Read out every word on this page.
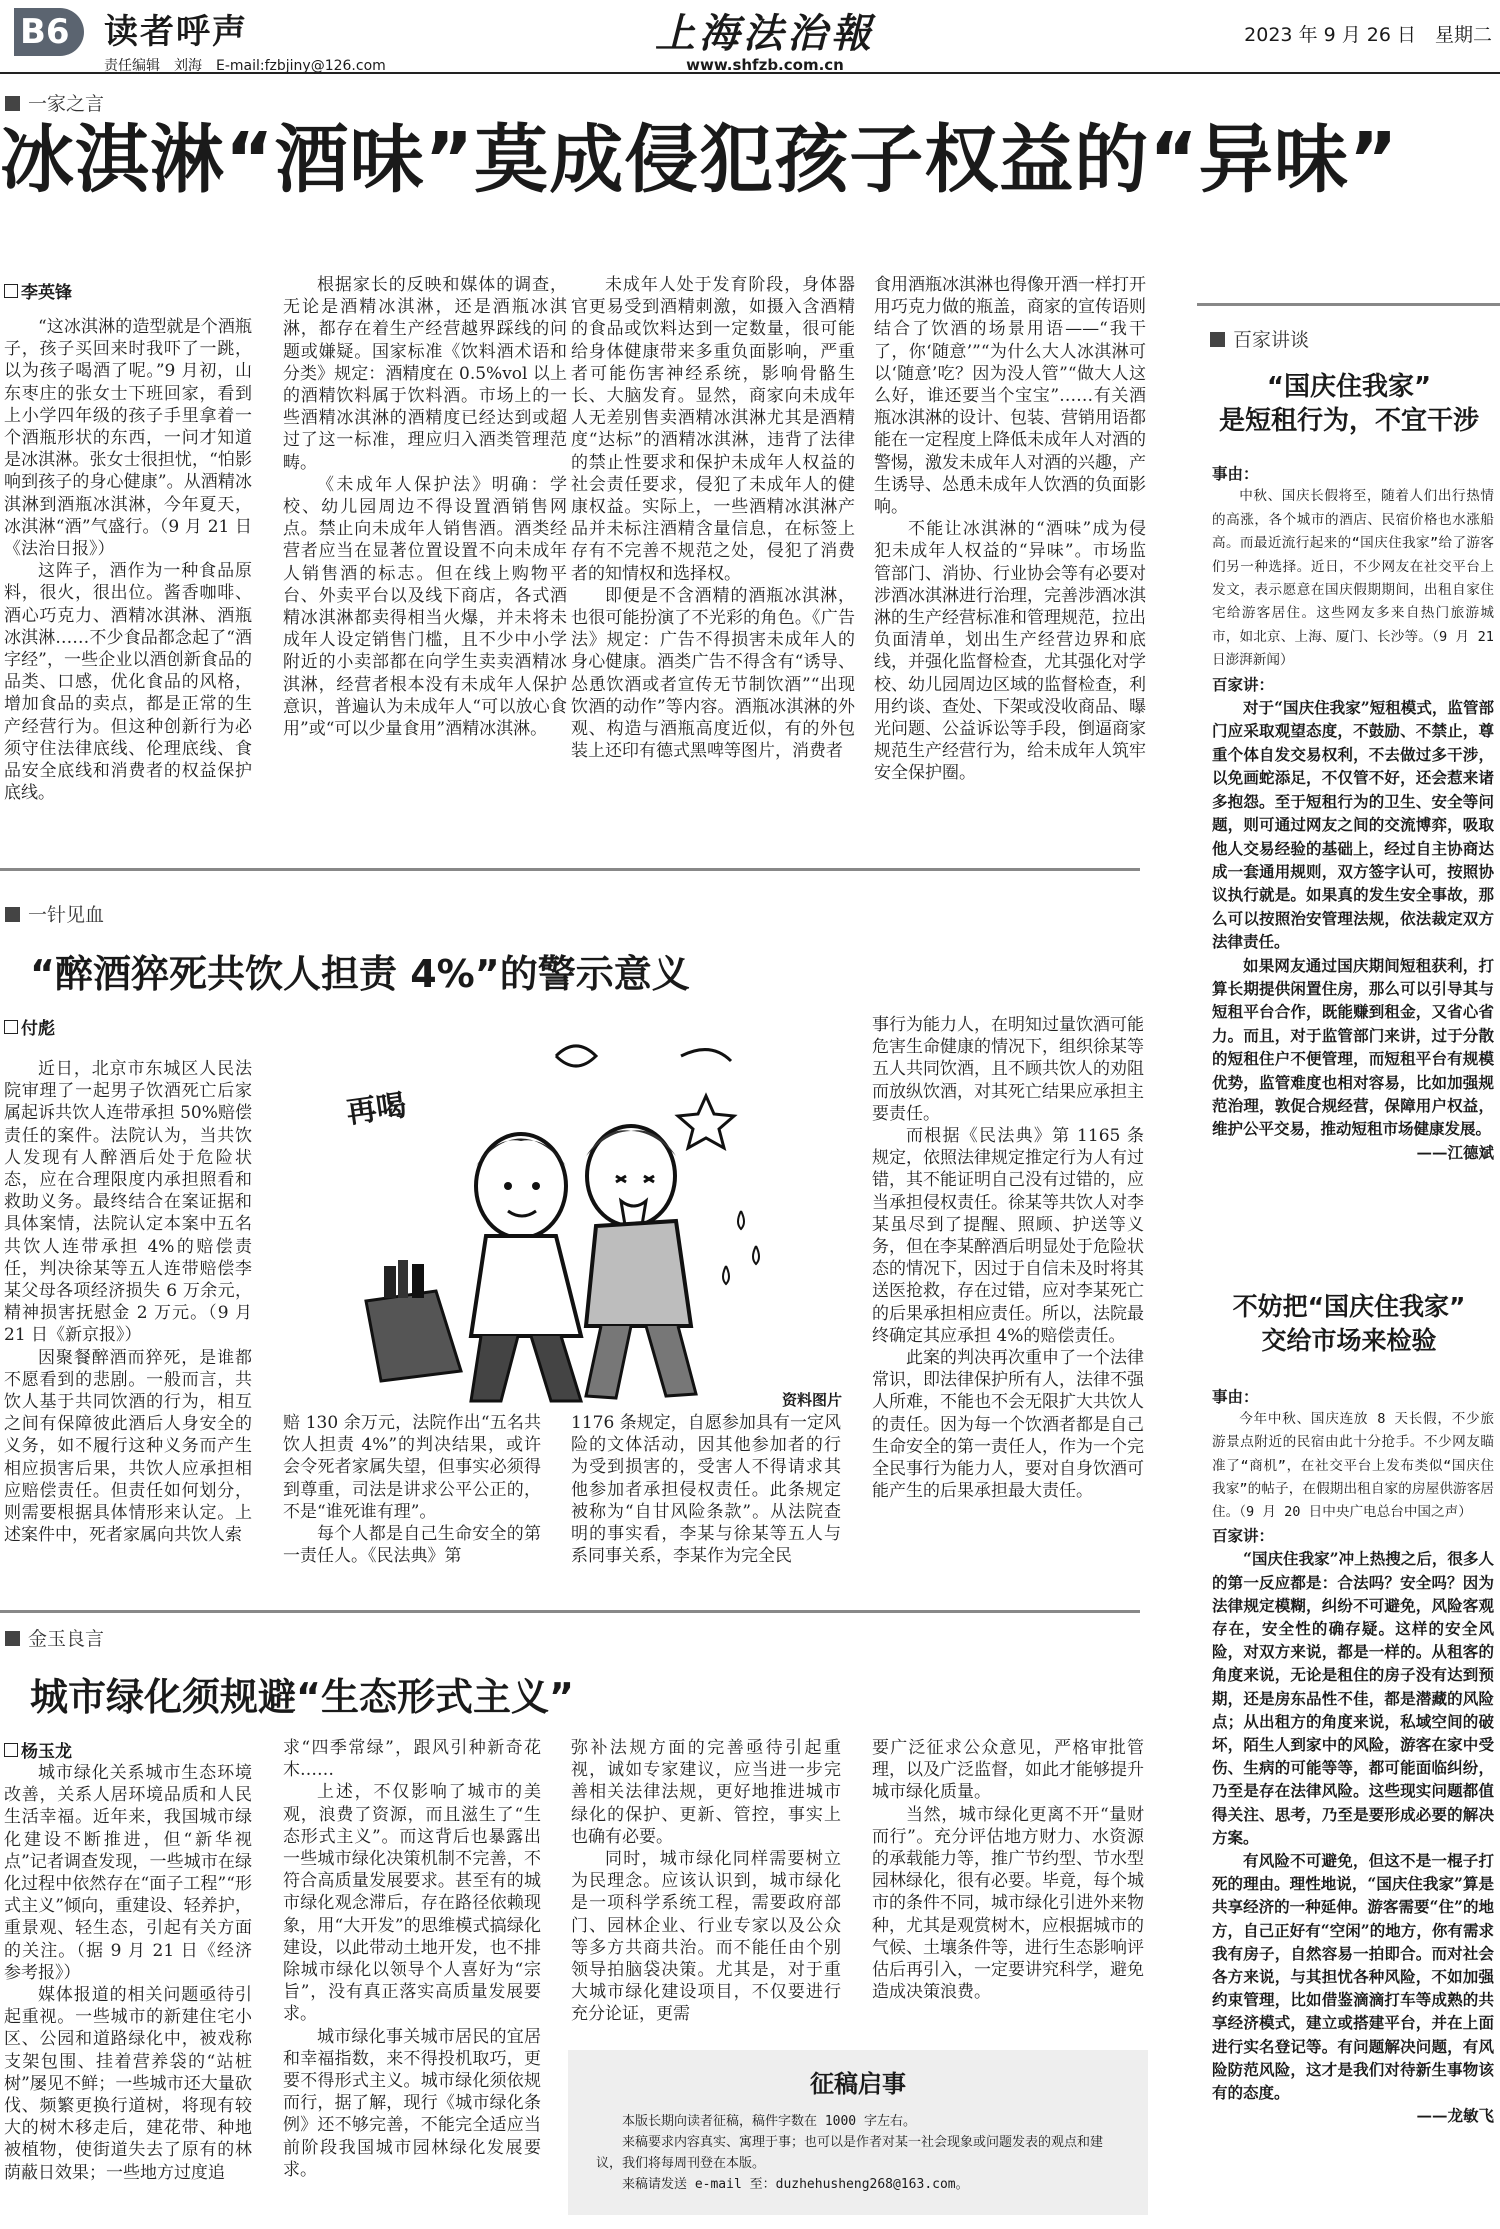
B6	读者呼声
责任编辑　刘海　E-mail:fzbjiny@126.com
上海法治報
www.shfzb.com.cn
2023 年 9 月 26 日　星期二
一家之言
冰淇淋“酒味”莫成侵犯孩子权益的“异味”
李英锋

“这冰淇淋的造型就是个酒瓶子，孩子买回来时我吓了一跳，以为孩子喝酒了呢。”9 月初，山东枣庄的张女士下班回家，看到上小学四年级的孩子手里拿着一个酒瓶形状的东西，一问才知道是冰淇淋。张女士很担忧，“怕影响到孩子的身心健康”。从酒精冰淇淋到酒瓶冰淇淋，今年夏天，冰淇淋“酒”气盛行。（9 月 21 日《法治日报》）

这阵子，酒作为一种食品原料，很火，很出位。酱香咖啡、酒心巧克力、酒精冰淇淋、酒瓶冰淇淋……不少食品都念起了“酒字经”，一些企业以酒创新食品的品类、口感，优化食品的风格，增加食品的卖点，都是正常的生产经营行为。但这种创新行为必须守住法律底线、伦理底线、食品安全底线和消费者的权益保护底线。

根据家长的反映和媒体的调查，无论是酒精冰淇淋，还是酒瓶冰淇淋，都存在着生产经营越界踩线的问题或嫌疑。国家标准《饮料酒术语和分类》规定：酒精度在 0.5%vol 以上的酒精饮料属于饮料酒。市场上的一些酒精冰淇淋的酒精度已经达到或超过了这一标准，理应归入酒类管理范畴。

《未成年人保护法》明确：学校、幼儿园周边不得设置酒销售网点。禁止向未成年人销售酒。酒类经营者应当在显著位置设置不向未成年人销售酒的标志。但在线上购物平台、外卖平台以及线下商店，各式酒精冰淇淋都卖得相当火爆，并未将未成年人设定销售门槛，且不少中小学附近的小卖部都在向学生卖卖酒精冰淇淋，经营者根本没有未成年人保护意识，普遍认为未成年人“可以放心食用”或“可以少量食用”酒精冰淇淋。

未成年人处于发育阶段，身体器官更易受到酒精刺激，如摄入含酒精的食品或饮料达到一定数量，很可能给身体健康带来多重负面影响，严重者可能伤害神经系统，影响骨骼生长、大脑发育。显然，商家向未成年人无差别售卖酒精冰淇淋尤其是酒精度“达标”的酒精冰淇淋，违背了法律的禁止性要求和保护未成年人权益的社会责任要求，侵犯了未成年人的健康权益。实际上，一些酒精冰淇淋产品并未标注酒精含量信息，在标签上存有不完善不规范之处，侵犯了消费者的知情权和选择权。

即便是不含酒精的酒瓶冰淇淋，也很可能扮演了不光彩的角色。《广告法》规定：广告不得损害未成年人的身心健康。酒类广告不得含有“诱导、怂恿饮酒或者宣传无节制饮酒”“出现饮酒的动作”等内容。酒瓶冰淇淋的外观、构造与酒瓶高度近似，有的外包装上还印有德式黑啤等图片，消费者

食用酒瓶冰淇淋也得像开酒一样打开用巧克力做的瓶盖，商家的宣传语则结合了饮酒的场景用语——“我干了，你‘随意’”“为什么大人冰淇淋可以‘随意’吃？因为没人管”“做大人这么好，谁还要当个宝宝”……有关酒瓶冰淇淋的设计、包装、营销用语都能在一定程度上降低未成年人对酒的警惕，激发未成年人对酒的兴趣，产生诱导、怂恿未成年人饮酒的负面影响。

不能让冰淇淋的“酒味”成为侵犯未成年人权益的“异味”。市场监管部门、消协、行业协会等有必要对涉酒冰淇淋进行治理，完善涉酒冰淇淋的生产经营标准和管理规范，拉出负面清单，划出生产经营边界和底线，并强化监督检查，尤其强化对学校、幼儿园周边区域的监督检查，利用约谈、查处、下架或没收商品、曝光问题、公益诉讼等手段，倒逼商家规范生产经营行为，给未成年人筑牢安全保护圈。

百家讲谈
“国庆住我家”
是短租行为，不宜干涉

事由：

中秋、国庆长假将至，随着人们出行热情的高涨，各个城市的酒店、民宿价格也水涨船高。而最近流行起来的“国庆住我家”给了游客们另一种选择。近日，不少网友在社交平台上发文，表示愿意在国庆假期期间，出租自家住宅给游客居住。这些网友多来自热门旅游城市，如北京、上海、厦门、长沙等。（9 月 21 日澎湃新闻）

百家讲：

对于“国庆住我家”短租模式，监管部门应采取观望态度，不鼓励、不禁止，尊重个体自发交易权利，不去做过多干涉，以免画蛇添足，不仅管不好，还会惹来诸多抱怨。至于短租行为的卫生、安全等问题，则可通过网友之间的交流博弈，吸取他人交易经验的基础上，经过自主协商达成一套通用规则，双方签字认可，按照协议执行就是。如果真的发生安全事故，那么可以按照治安管理法规，依法裁定双方法律责任。

如果网友通过国庆期间短租获利，打算长期提供闲置住房，那么可以引导其与短租平台合作，既能赚到租金，又省心省力。而且，对于监管部门来讲，过于分散的短租住户不便管理，而短租平台有规模优势，监管难度也相对容易，比如加强规范治理，敦促合规经营，保障用户权益，维护公平交易，推动短租市场健康发展。

——江德斌

不妨把“国庆住我家”
交给市场来检验

事由：

今年中秋、国庆连放 8 天长假，不少旅游景点附近的民宿由此十分抢手。不少网友瞄准了“商机”，在社交平台上发布类似“国庆住我家”的帖子，在假期出租自家的房屋供游客居住。（9 月 20 日中央广电总台中国之声）

百家讲：

“国庆住我家”冲上热搜之后，很多人的第一反应都是：合法吗？安全吗？因为法律规定模糊，纠纷不可避免，风险客观存在，安全性的确存疑。这样的安全风险，对双方来说，都是一样的。从租客的角度来说，无论是租住的房子没有达到预期，还是房东品性不佳，都是潜藏的风险点；从出租方的角度来说，私域空间的破坏，陌生人到家中的风险，游客在家中受伤、生病的可能等等，都可能面临纠纷，乃至是存在法律风险。这些现实问题都值得关注、思考，乃至是要形成必要的解决方案。

有风险不可避免，但这不是一棍子打死的理由。理性地说，“国庆住我家”算是共享经济的一种延伸。游客需要“住”的地方，自己正好有“空闲”的地方，你有需求我有房子，自然容易一拍即合。而对社会各方来说，与其担忧各种风险，不如加强约束管理，比如借鉴滴滴打车等成熟的共享经济模式，建立或搭建平台，并在上面进行实名登记等。有问题解决问题，有风险防范风险，这才是我们对待新生事物该有的态度。

——龙敏飞

一针见血
“醉酒猝死共饮人担责 4%”的警示意义
付彪

近日，北京市东城区人民法院审理了一起男子饮酒死亡后家属起诉共饮人连带承担 50%赔偿责任的案件。法院认为，当共饮人发现有人醉酒后处于危险状态，应在合理限度内承担照看和救助义务。最终结合在案证据和具体案情，法院认定本案中五名共饮人连带承担 4%的赔偿责任，判决徐某等五人连带赔偿李某父母各项经济损失 6 万余元，精神损害抚慰金 2 万元。（9 月 21 日《新京报》）

因聚餐醉酒而猝死，是谁都不愿看到的悲剧。一般而言，共饮人基于共同饮酒的行为，相互之间有保障彼此酒后人身安全的义务，如不履行这种义务而产生相应损害后果，共饮人应承担相应赔偿责任。但责任如何划分，则需要根据具体情形来认定。上述案件中，死者家属向共饮人索

再喝
资料图片

赔 130 余万元，法院作出“五名共饮人担责 4%”的判决结果，或许会令死者家属失望，但事实必须得到尊重，司法是讲求公平公正的，不是“谁死谁有理”。

每个人都是自己生命安全的第一责任人。《民法典》第

1176 条规定，自愿参加具有一定风险的文体活动，因其他参加者的行为受到损害的，受害人不得请求其他参加者承担侵权责任。此条规定被称为“自甘风险条款”。从法院查明的事实看，李某与徐某等五人与系同事关系，李某作为完全民

事行为能力人，在明知过量饮酒可能危害生命健康的情况下，组织徐某等五人共同饮酒，且不顾共饮人的劝阻而放纵饮酒，对其死亡结果应承担主要责任。

而根据《民法典》第 1165 条规定，依照法律规定推定行为人有过错，其不能证明自己没有过错的，应当承担侵权责任。徐某等共饮人对李某虽尽到了提醒、照顾、护送等义务，但在李某醉酒后明显处于危险状态的情况下，因过于自信未及时将其送医抢救，存在过错，应对李某死亡的后果承担相应责任。所以，法院最终确定其应承担 4%的赔偿责任。

此案的判决再次重申了一个法律常识，即法律保护所有人，法律不强人所难，不能也不会无限扩大共饮人的责任。因为每一个饮酒者都是自己生命安全的第一责任人，作为一个完全民事行为能力人，要对自身饮酒可能产生的后果承担最大责任。

金玉良言
城市绿化须规避“生态形式主义”
杨玉龙

城市绿化关系城市生态环境改善，关系人居环境品质和人民生活幸福。近年来，我国城市绿化建设不断推进，但“新华视点”记者调查发现，一些城市在绿化过程中依然存在“面子工程”“形式主义”倾向，重建设、轻养护，重景观、轻生态，引起有关方面的关注。（据 9 月 21 日《经济参考报》）

媒体报道的相关问题亟待引起重视。一些城市的新建住宅小区、公园和道路绿化中，被戏称支架包围、挂着营养袋的“站桩树”屡见不鲜；一些城市还大量砍伐、频繁更换行道树，将现有较大的树木移走后，建花带、种地被植物，使街道失去了原有的林荫蔽日效果；一些地方过度追

求“四季常绿”，跟风引种新奇花木……

上述，不仅影响了城市的美观，浪费了资源，而且滋生了“生态形式主义”。而这背后也暴露出一些城市绿化决策机制不完善，不符合高质量发展要求。甚至有的城市绿化观念滞后，存在路径依赖现象，用“大开发”的思维模式搞绿化建设，以此带动土地开发，也不排除城市绿化以领导个人喜好为“宗旨”，没有真正落实高质量发展要求。

城市绿化事关城市居民的宜居和幸福指数，来不得投机取巧，更要不得形式主义。城市绿化须依规而行，据了解，现行《城市绿化条例》还不够完善，不能完全适应当前阶段我国城市园林绿化发展要求。

弥补法规方面的完善亟待引起重视，诚如专家建议，应当进一步完善相关法律法规，更好地推进城市绿化的保护、更新、管控，事实上也确有必要。

同时，城市绿化同样需要树立为民理念。应该认识到，城市绿化是一项科学系统工程，需要政府部门、园林企业、行业专家以及公众等多方共商共治。而不能任由个别领导拍脑袋决策。尤其是，对于重大城市绿化建设项目，不仅要进行充分论证，更需

要广泛征求公众意见，严格审批管理，以及广泛监督，如此才能够提升城市绿化质量。

当然，城市绿化更离不开“量财而行”。充分评估地方财力、水资源的承载能力等，推广节约型、节水型园林绿化，很有必要。毕竟，每个城市的条件不同，城市绿化引进外来物种，尤其是观赏树木，应根据城市的气候、土壤条件等，进行生态影响评估后再引入，一定要讲究科学，避免造成决策浪费。

征稿启事
本版长期向读者征稿，稿件字数在 1000 字左右。
来稿要求内容真实、寓理于事；也可以是作者对某一社会现象或问题发表的观点和建议，我们将每周刊登在本版。
来稿请发送 e-mail 至：duzhehusheng268@163.com。
